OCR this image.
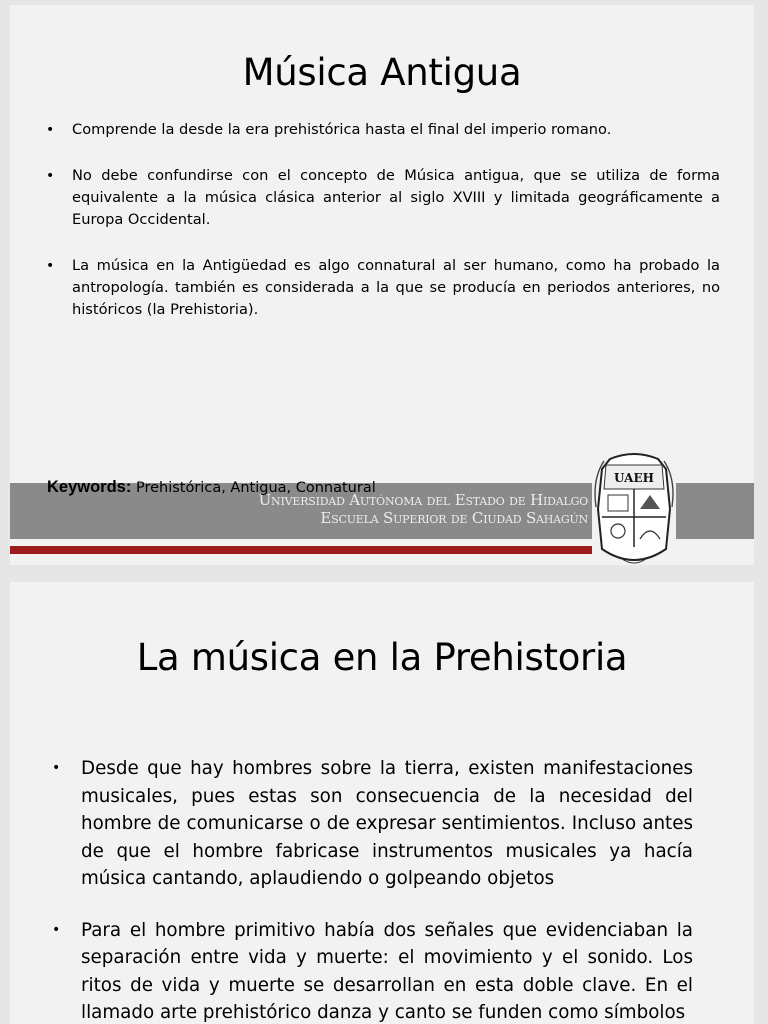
Música Antigua
• Comprende la desde la era prehistórica hasta el final del imperio romano.
• No debe confundirse con el concepto de Música antigua, que se utiliza de forma equivalente a la música clásica anterior al siglo XVIII y limitada geográficamente a Europa Occidental.
• La música en la Antigüedad es algo connatural al ser humano, como ha probado la antropología. también es considerada a la que se producía en periodos anteriores, no históricos (la Prehistoria).
Universidad Autónoma del Estado de Hidalgo
Escuela Superior de Ciudad Sahagún
Keywords: Prehistórica, Antigua, Connatural
UAEH
La música en la Prehistoria
• Desde que hay hombres sobre la tierra, existen manifestaciones musicales, pues estas son consecuencia de la necesidad del hombre de comunicarse o de expresar sentimientos. Incluso antes de que el hombre fabricase instrumentos musicales ya hacía música cantando, aplaudiendo o golpeando objetos
• Para el hombre primitivo había dos señales que evidenciaban la separación entre vida y muerte: el movimiento y el sonido. Los ritos de vida y muerte se desarrollan en esta doble clave. En el llamado arte prehistórico danza y canto se funden como símbolos
